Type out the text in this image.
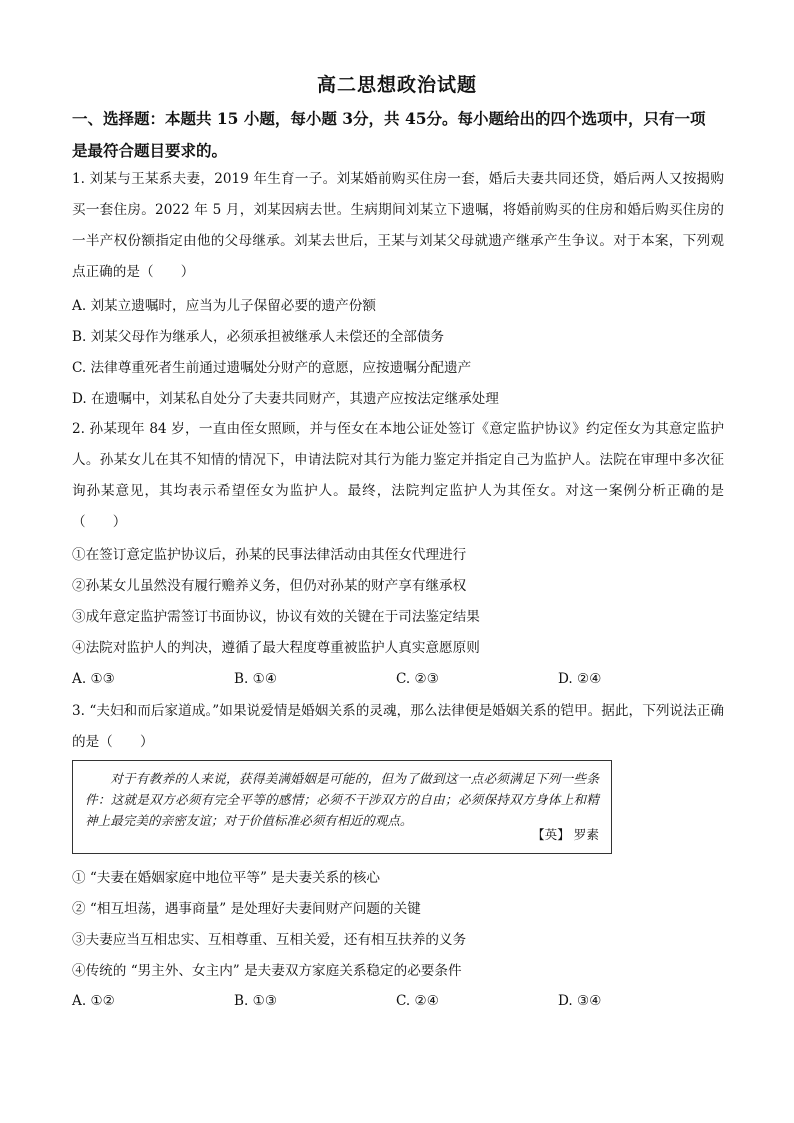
高二思想政治试题
一、选择题：本题共 15 小题，每小题 3分，共 45分。每小题给出的四个选项中，只有一项
是最符合题目要求的。
1. 刘某与王某系夫妻，2019 年生育一子。刘某婚前购买住房一套，婚后夫妻共同还贷，婚后两人又按揭购买一套住房。2022 年 5 月，刘某因病去世。生病期间刘某立下遗嘱，将婚前购买的住房和婚后购买住房的一半产权份额指定由他的父母继承。刘某去世后，王某与刘某父母就遗产继承产生争议。对于本案，下列观点正确的是（　　）
A. 刘某立遗嘱时，应当为儿子保留必要的遗产份额
B. 刘某父母作为继承人，必须承担被继承人未偿还的全部债务
C. 法律尊重死者生前通过遗嘱处分财产的意愿，应按遗嘱分配遗产
D. 在遗嘱中，刘某私自处分了夫妻共同财产，其遗产应按法定继承处理
2. 孙某现年 84 岁，一直由侄女照顾，并与侄女在本地公证处签订《意定监护协议》约定侄女为其意定监护人。孙某女儿在其不知情的情况下，申请法院对其行为能力鉴定并指定自己为监护人。法院在审理中多次征询孙某意见，其均表示希望侄女为监护人。最终，法院判定监护人为其侄女。对这一案例分析正确的是（　　）
①在签订意定监护协议后，孙某的民事法律活动由其侄女代理进行
②孙某女儿虽然没有履行赡养义务，但仍对孙某的财产享有继承权
③成年意定监护需签订书面协议，协议有效的关键在于司法鉴定结果
④法院对监护人的判决，遵循了最大程度尊重被监护人真实意愿原则
A. ①③	B. ①④	C. ②③	D. ②④
3. “夫妇和而后家道成。”如果说爱情是婚姻关系的灵魂，那么法律便是婚姻关系的铠甲。据此，下列说法正确的是（　　）
对于有教养的人来说，获得美满婚姻是可能的，但为了做到这一点必须满足下列一些条件：这就是双方必须有完全平等的感情；必须不干涉双方的自由；必须保持双方身体上和精神上最完美的亲密友谊；对于价值标准必须有相近的观点。
【英】 罗素
① “夫妻在婚姻家庭中地位平等” 是夫妻关系的核心
② “相互坦荡，遇事商量” 是处理好夫妻间财产问题的关键
③夫妻应当互相忠实、互相尊重、互相关爱，还有相互扶养的义务
④传统的 “男主外、女主内” 是夫妻双方家庭关系稳定的必要条件
A. ①②	B. ①③	C. ②④	D. ③④
